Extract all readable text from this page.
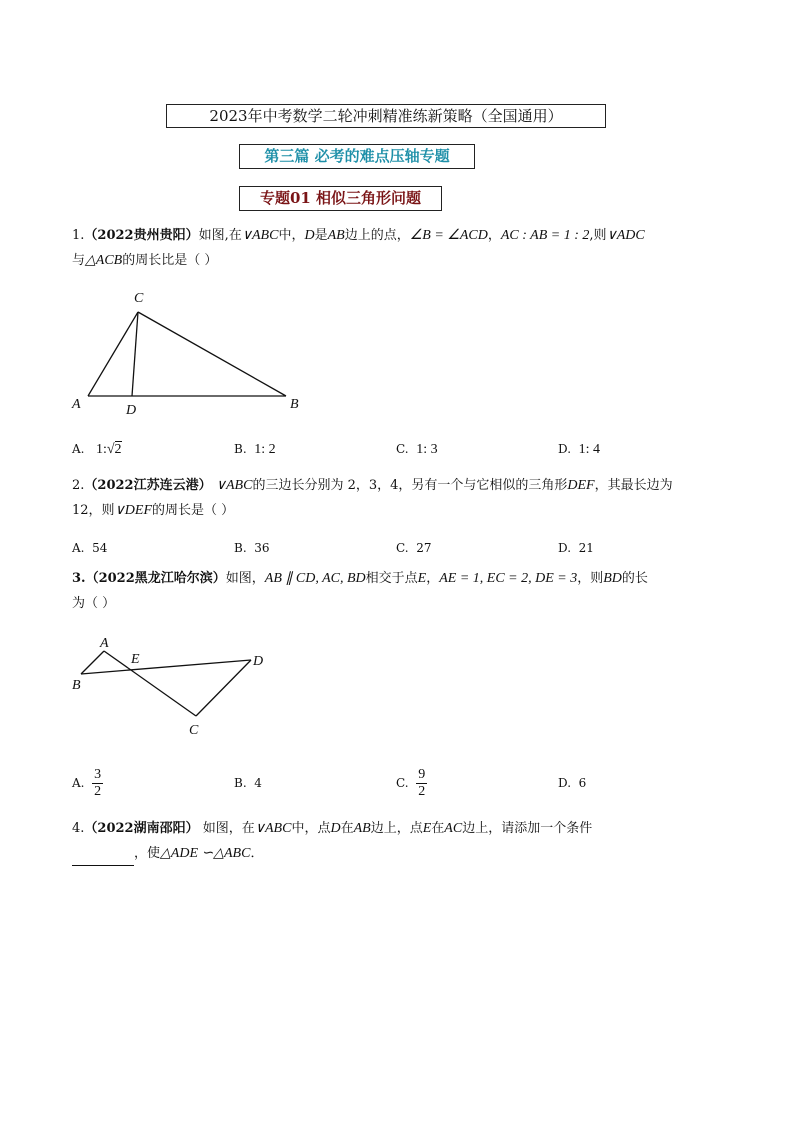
2023年中考数学二轮冲刺精准练新策略（全国通用）
第三篇 必考的难点压轴专题
专题01 相似三角形问题
1.（2022贵州贵阳）如图,在∨ABC中，D是AB边上的点，∠B = ∠ACD，AC : AB = 1 : 2,则∨ADC
与△ACB的周长比是（ ）
C
A	D	B
A. 1:√2	B. 1: 2	C. 1: 3	D. 1: 4
2.（2022江苏连云港） ∨ABC的三边长分别为 2，3，4，另有一个与它相似的三角形DEF，其最长边为
12，则∨DEF的周长是（ ）
A. 54	B. 36	C. 27	D. 21
3.（2022黑龙江哈尔滨）如图，AB ∥ CD, AC, BD相交于点E，AE = 1, EC = 2, DE = 3，则BD的长
为（ ）
A
E	D
B
C
A. $\frac{3}{2}$	B. 4	C. $\frac{9}{2}$	D. 6
4.（2022湖南邵阳） 如图，在∨ABC中，点D在AB边上，点E在AC边上，请添加一个条件
，使△ADE ∽△ABC．
